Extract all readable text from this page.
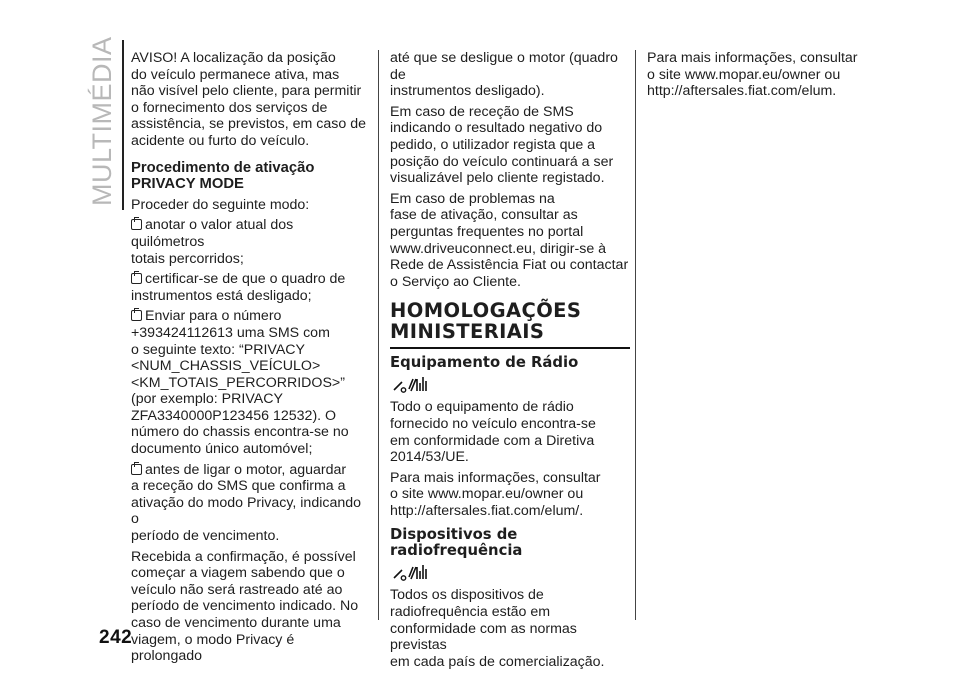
MULTIMÉDIA
242

AVISO! A localização da posição
do veículo permanece ativa, mas
não visível pelo cliente, para permitir
o fornecimento dos serviços de
assistência, se previstos, em caso de
acidente ou furto do veículo.

Procedimento de ativação
PRIVACY MODE

Proceder do seguinte modo:

anotar o valor atual dos quilómetros
totais percorridos;

certificar-se de que o quadro de
instrumentos está desligado;

Enviar para o número
+393424112613 uma SMS com
o seguinte texto: “PRIVACY
<NUM_CHASSIS_VEÍCULO>
<KM_TOTAIS_PERCORRIDOS>”
(por exemplo: PRIVACY
ZFA3340000P123456 12532). O
número do chassis encontra-se no
documento único automóvel;

antes de ligar o motor, aguardar
a receção do SMS que confirma a
ativação do modo Privacy, indicando o
período de vencimento.

Recebida a confirmação, é possível
começar a viagem sabendo que o
veículo não será rastreado até ao
período de vencimento indicado. No
caso de vencimento durante uma
viagem, o modo Privacy é prolongado

até que se desligue o motor (quadro de
instrumentos desligado).

Em caso de receção de SMS
indicando o resultado negativo do
pedido, o utilizador regista que a
posição do veículo continuará a ser
visualizável pelo cliente registado.

Em caso de problemas na
fase de ativação, consultar as
perguntas frequentes no portal
www.driveuconnect.eu, dirigir-se à
Rede de Assistência Fiat ou contactar
o Serviço ao Cliente.

HOMOLOGAÇÕES
MINISTERIAIS
Equipamento de Rádio

Todo o equipamento de rádio
fornecido no veículo encontra-se
em conformidade com a Diretiva
2014/53/UE.

Para mais informações, consultar
o site www.mopar.eu/owner ou
http://aftersales.fiat.com/elum/.

Dispositivos de
radiofrequência

Todos os dispositivos de
radiofrequência estão em
conformidade com as normas previstas
em cada país de comercialização.

Para mais informações, consultar
o site www.mopar.eu/owner ou
http://aftersales.fiat.com/elum.
